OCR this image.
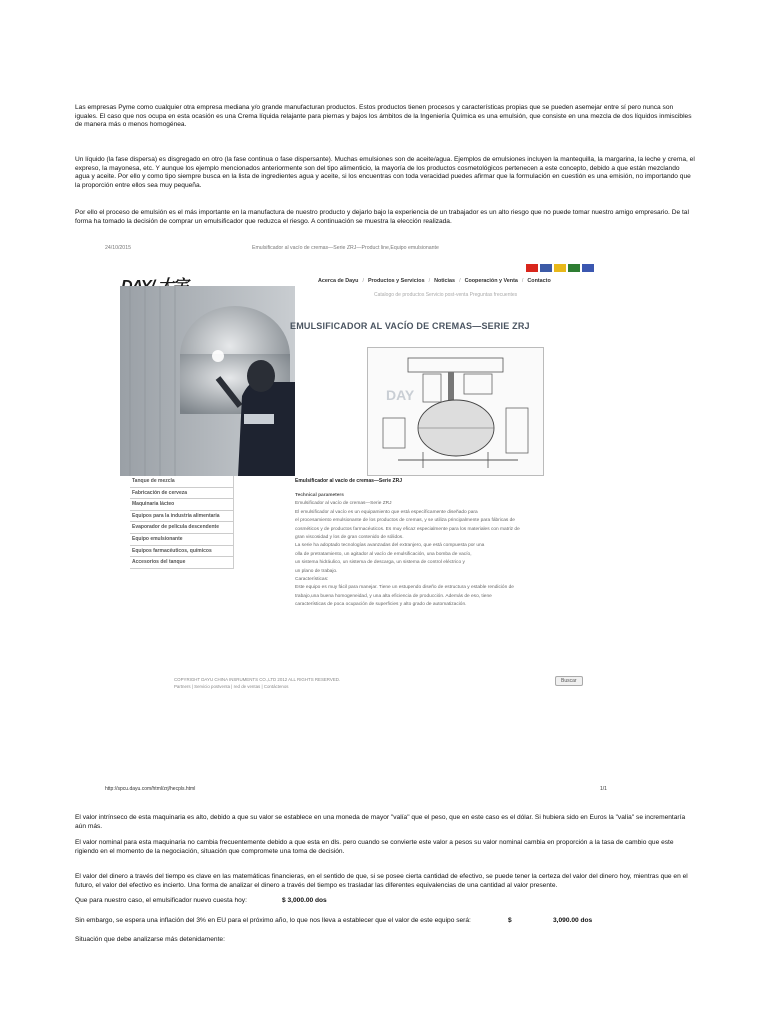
Las empresas Pyme como cualquier otra empresa mediana y/o grande manufacturan productos. Estos productos tienen procesos y características propias que se pueden asemejar entre sí pero nunca son iguales. El caso que nos ocupa en esta ocasión es una Crema líquida relajante para piernas y bajos los ámbitos de la Ingeniería Química es una emulsión, que consiste en una mezcla de dos líquidos inmiscibles de manera más o menos homogénea.
Un líquido (la fase dispersa) es disgregado en otro (la fase continua o fase dispersante). Muchas emulsiones son de aceite/agua. Ejemplos de emulsiones incluyen la mantequilla, la margarina, la leche y crema, el expreso, la mayonesa, etc. Y aunque los ejemplo mencionados anteriormente son del tipo alimenticio, la mayoría de los productos cosmetológicos pertenecen a este concepto, debido a que están mezclando agua y aceite. Por ello y como tipo siempre busca en la lista de ingredientes agua y aceite, si los encuentras con toda veracidad puedes afirmar que la formulación en cuestión es una emisión, no importando que la proporción entre ellos sea muy pequeña.
Por ello el proceso de emulsión es el más importante en la manufactura de nuestro producto y dejarlo bajo la experiencia de un trabajador es un alto riesgo que no puede tomar nuestro amigo empresario. De tal forma ha tomado la decisión de comprar un emulsificador que reduzca el riesgo. A continuación se muestra la elección realizada.
24/10/2015	Emulsificador al vacío de cremas—Serie ZRJ—Product line,Equipo emulsionante
Acerca de Dayu / Productos y Servicios / Noticias / Cooperación y Venta / Contacto
Catalogo de productos Servicio post-venta Preguntas frecuentes
EMULSIFICADOR AL VACÍO DE CREMAS—SERIE ZRJ
DAY
Tanque de mezcla
Fabricación de cerveza
Maquinaria lácteo
Equipos para la industria alimentaria
Evaporador de película descendente
Equipo emulsionante
Equipos farmacéuticos, químicos
Accesorios del tanque
Emulsificador al vacío de cremas—Serie ZRJ
Technical parameters
Emulsificador al vacío de cremas—Serie ZRJ
El emulsificador al vacío es un equipamiento que está específicamente diseñado para
el procesamiento emulsionante de los productos de cremas, y se utiliza principalmente para fábricas de
cosméticos y de productos farmacéuticos. Es muy eficaz especialmente para los materiales con matriz de
gran viscosidad y los de gran contenido de sólidos.
La serie ha adoptado tecnologías avanzadas del extranjero, que está compuesta por una
olla de pretratamiento, un agitador al vacío de emulsificación, una bomba de vacío,
un sistema hidráulico, un sistema de descarga, un sistema de control eléctrico y
un plano de trabajo.
Características:
Este equipo es muy fácil para manejar. Tiene un estupendo diseño de estructura y estable rendición de
trabajo,una buena homogeneidad, y una alta eficiencia de producción. Además de eso, tiene
características de poca ocupación de superficies y alto grado de automatización.
COPYRIGHT DAYU CHINA INSRUMENTS CO.,LTD 2012 ALL RIGHTS RESERVED.
Partners | Servicio postventa | red de ventas | Contáctenos
Buscar
http://spcu.dayu.com/html/zrj/hecpls.html	1/1
El valor intrínseco de esta maquinaria es alto, debido a que su valor se establece en una moneda de mayor "valía" que el peso, que en este caso es el dólar. Si hubiera sido en Euros la "valía" se incrementaría aún más.
El valor nominal para esta maquinaria no cambia frecuentemente debido a que esta en dls. pero cuando se convierte este valor a pesos su valor nominal cambia en proporción a la tasa de cambio que este rigiendo en el momento de la negociación, situación que compromete una toma de decisión.
El valor del dinero a través del tiempo es clave en las matemáticas financieras, en el sentido de que, si se posee cierta cantidad de efectivo, se puede tener la certeza del valor del dinero hoy, mientras que en el futuro, el valor del efectivo es incierto. Una forma de analizar el dinero a través del tiempo es trasladar las diferentes equivalencias de una cantidad al valor presente.
Que para nuestro caso, el emulsificador nuevo cuesta hoy:	$ 3,000.00 dos
Sin embargo, se espera una inflación del 3% en EU para el próximo año, lo que nos lleva a establecer que el valor de este equipo será:	$	3,090.00 dos
Situación que debe analizarse más detenidamente:
